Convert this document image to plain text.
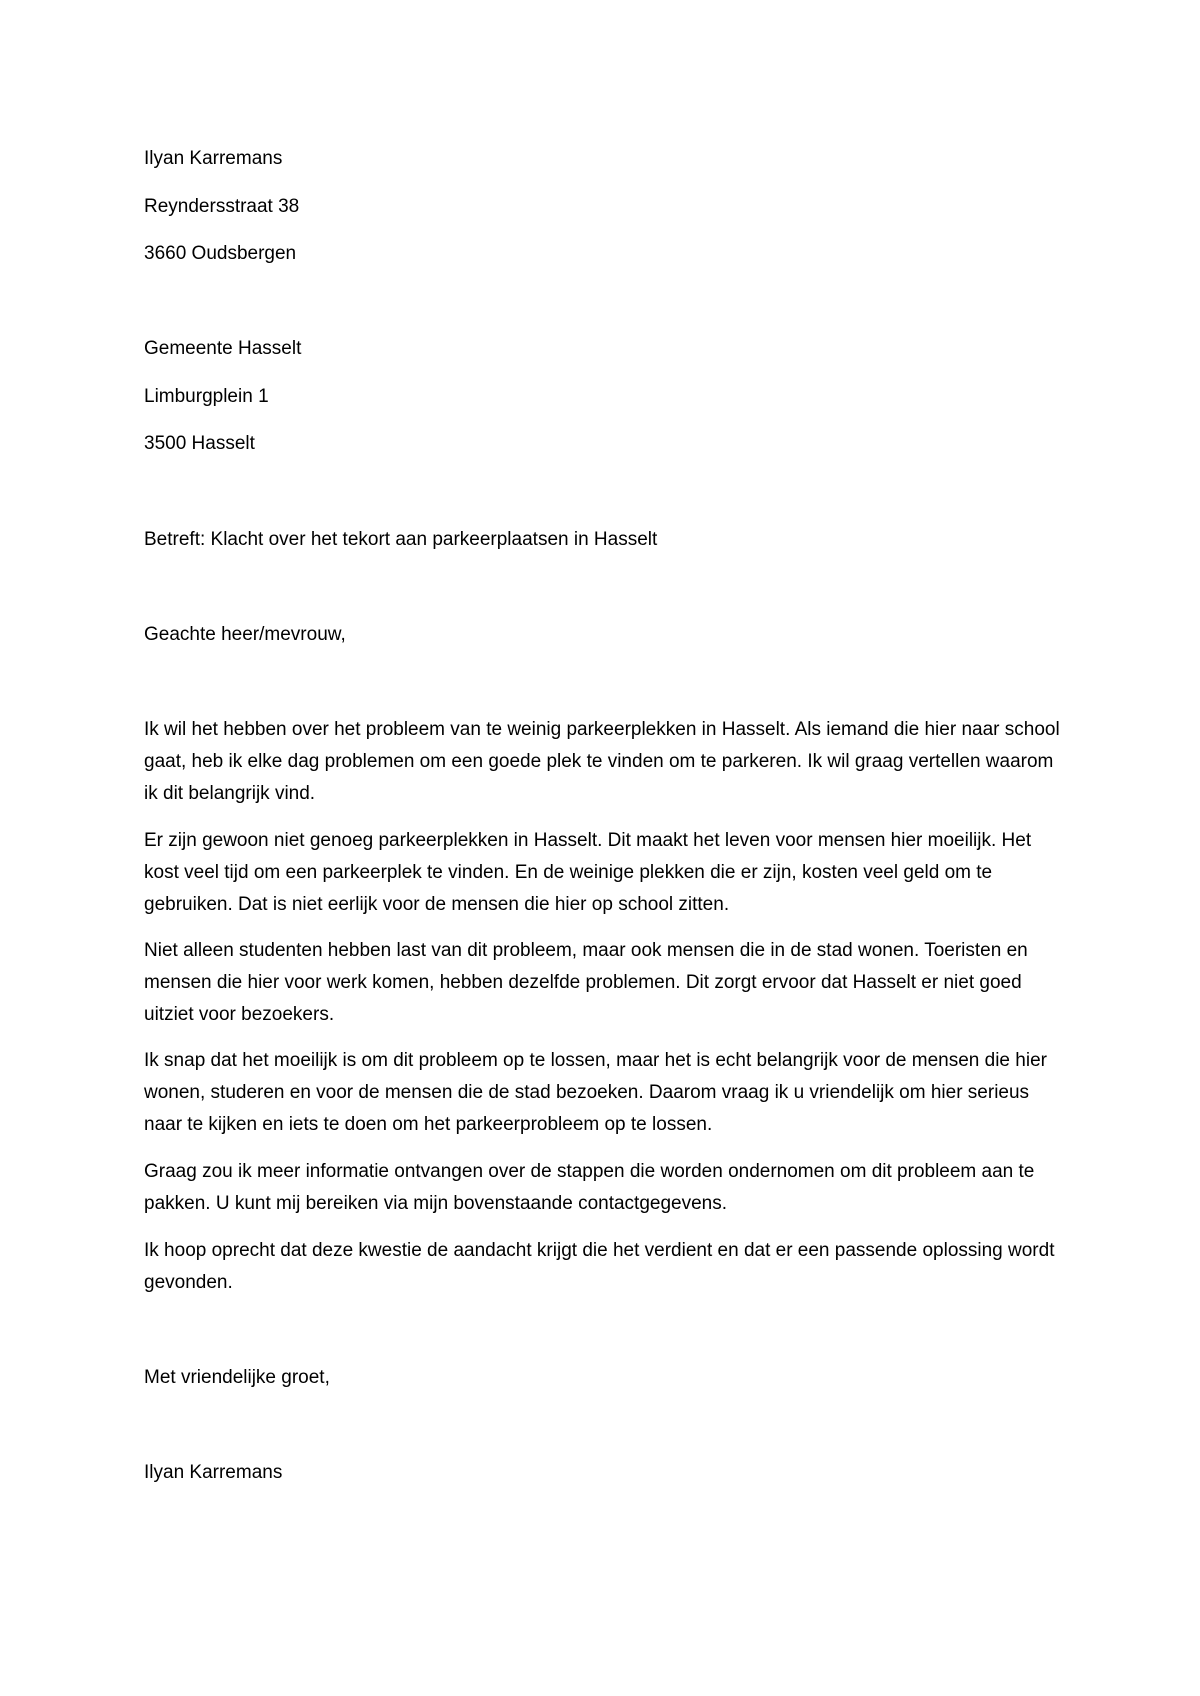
Ilyan Karremans
Reyndersstraat 38
3660 Oudsbergen
Gemeente Hasselt
Limburgplein 1
3500 Hasselt
Betreft: Klacht over het tekort aan parkeerplaatsen in Hasselt
Geachte heer/mevrouw,

Ik wil het hebben over het probleem van te weinig parkeerplekken in Hasselt. Als iemand die hier naar school gaat, heb ik elke dag problemen om een goede plek te vinden om te parkeren. Ik wil graag vertellen waarom ik dit belangrijk vind.

Er zijn gewoon niet genoeg parkeerplekken in Hasselt. Dit maakt het leven voor mensen hier moeilijk. Het kost veel tijd om een parkeerplek te vinden. En de weinige plekken die er zijn, kosten veel geld om te gebruiken. Dat is niet eerlijk voor de mensen die hier op school zitten.

Niet alleen studenten hebben last van dit probleem, maar ook mensen die in de stad wonen. Toeristen en mensen die hier voor werk komen, hebben dezelfde problemen. Dit zorgt ervoor dat Hasselt er niet goed uitziet voor bezoekers.

Ik snap dat het moeilijk is om dit probleem op te lossen, maar het is echt belangrijk voor de mensen die hier wonen, studeren en voor de mensen die de stad bezoeken. Daarom vraag ik u vriendelijk om hier serieus naar te kijken en iets te doen om het parkeerprobleem op te lossen.

Graag zou ik meer informatie ontvangen over de stappen die worden ondernomen om dit probleem aan te pakken. U kunt mij bereiken via mijn bovenstaande contactgegevens.

Ik hoop oprecht dat deze kwestie de aandacht krijgt die het verdient en dat er een passende oplossing wordt gevonden.

Met vriendelijke groet,
Ilyan Karremans
